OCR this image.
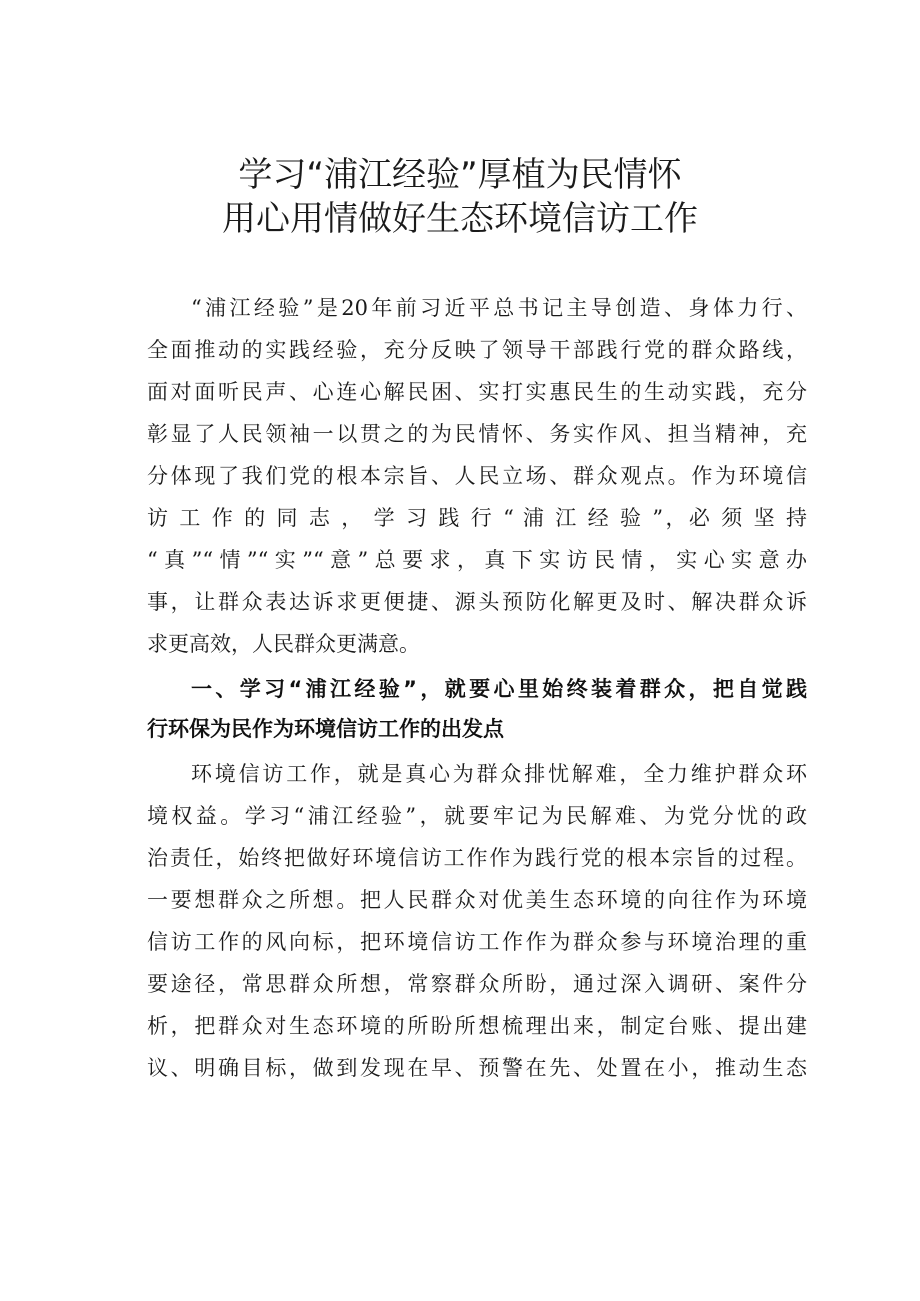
学习“浦江经验”厚植为民情怀
用心用情做好生态环境信访工作
“浦江经验”是20年前习近平总书记主导创造、身体力行、
全面推动的实践经验，充分反映了领导干部践行党的群众路线，
面对面听民声、心连心解民困、实打实惠民生的生动实践，充分
彰显了人民领袖一以贯之的为民情怀、务实作风、担当精神，充
分体现了我们党的根本宗旨、人民立场、群众观点。作为环境信
访 工 作 的 同 志 ， 学 习 践 行 “ 浦 江 经 验 ”，必 须 坚 持
“真”“情”“实”“意”总要求，真下实访民情，实心实意办
事，让群众表达诉求更便捷、源头预防化解更及时、解决群众诉
求更高效，人民群众更满意。
一、学习“浦江经验”，就要心里始终装着群众，把自觉践
行环保为民作为环境信访工作的出发点
环境信访工作，就是真心为群众排忧解难，全力维护群众环
境权益。学习“浦江经验”，就要牢记为民解难、为党分忧的政
治责任，始终把做好环境信访工作作为践行党的根本宗旨的过程。
一要想群众之所想。把人民群众对优美生态环境的向往作为环境
信访工作的风向标，把环境信访工作作为群众参与环境治理的重
要途径，常思群众所想，常察群众所盼，通过深入调研、案件分
析，把群众对生态环境的所盼所想梳理出来，制定台账、提出建
议、明确目标，做到发现在早、预警在先、处置在小，推动生态
